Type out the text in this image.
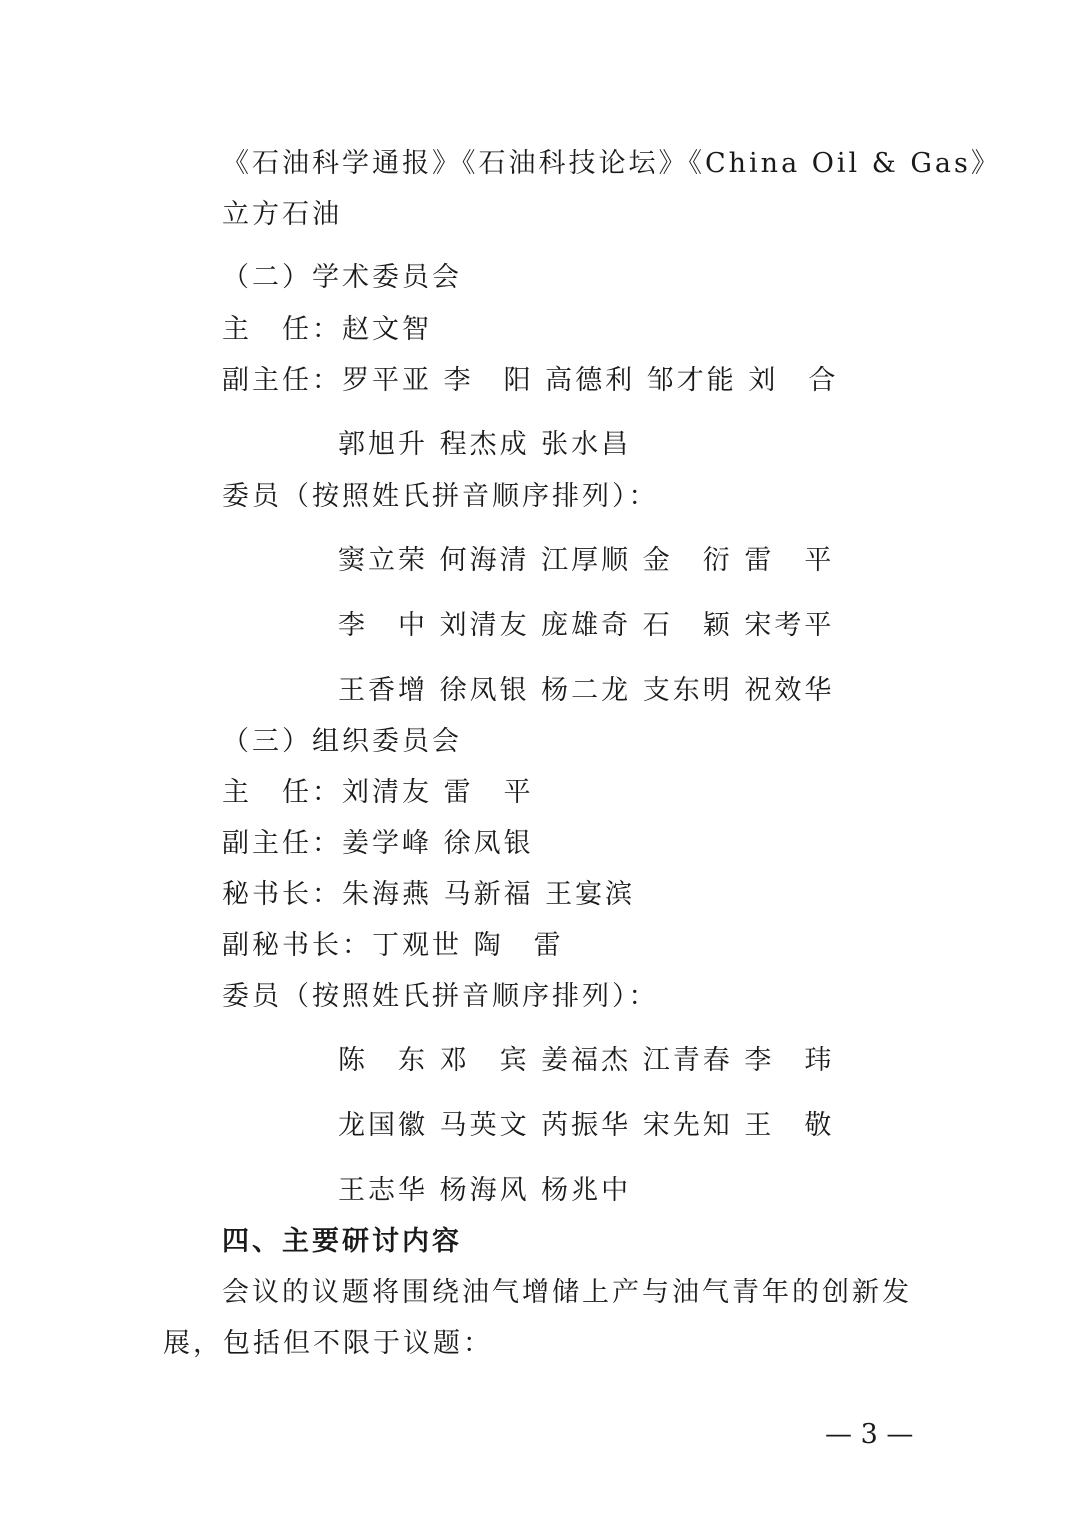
《石油科学通报》《石油科技论坛》《China Oil & Gas》
立方石油
（二）学术委员会
主　任：赵文智
副主任：罗平亚 李　阳 高德利 邹才能 刘　合
郭旭升 程杰成 张水昌
委员（按照姓氏拼音顺序排列）：
窦立荣 何海清 江厚顺 金　衍 雷　平
李　中 刘清友 庞雄奇 石　颖 宋考平
王香增 徐凤银 杨二龙 支东明 祝效华
（三）组织委员会
主　任：刘清友 雷　平
副主任：姜学峰 徐凤银
秘书长：朱海燕 马新福 王宴滨
副秘书长：丁观世 陶　雷
委员（按照姓氏拼音顺序排列）：
陈　东 邓　宾 姜福杰 江青春 李　玮
龙国徽 马英文 芮振华 宋先知 王　敬
王志华 杨海风 杨兆中
四、主要研讨内容
会议的议题将围绕油气增储上产与油气青年的创新发
展，包括但不限于议题：
— 3 —
